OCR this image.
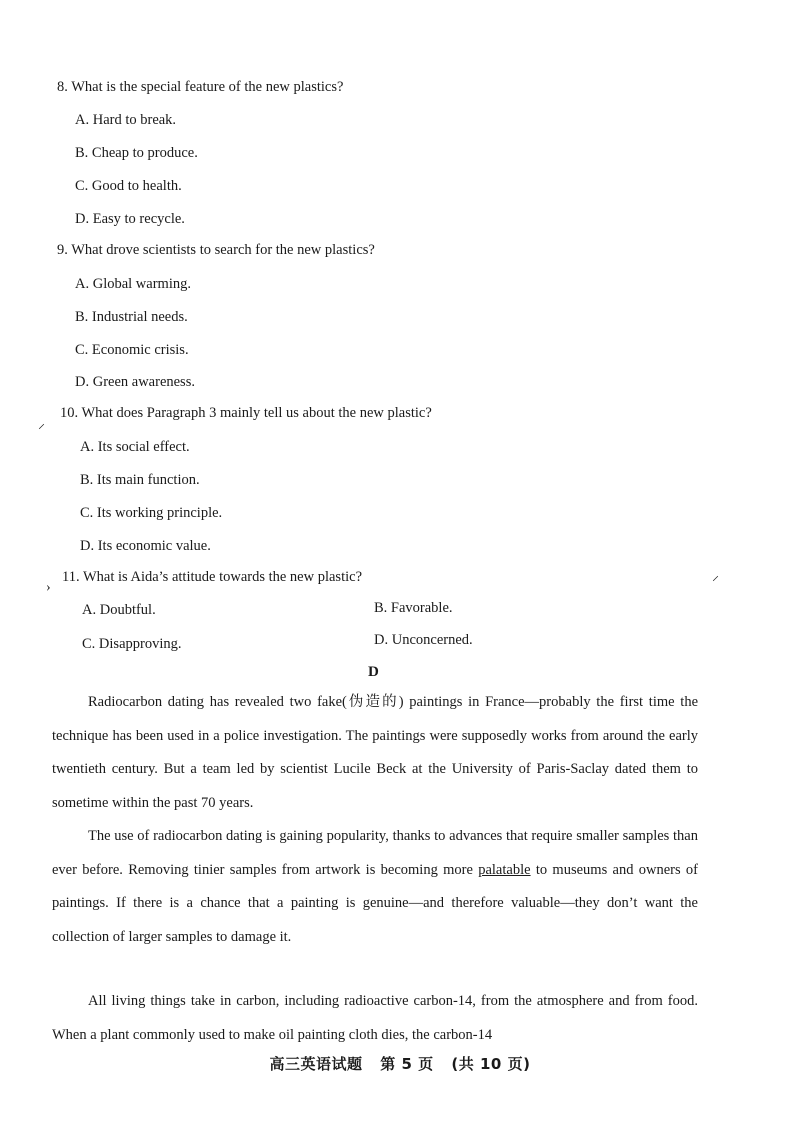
8. What is the special feature of the new plastics?
A. Hard to break.
B. Cheap to produce.
C. Good to health.
D. Easy to recycle.
9. What drove scientists to search for the new plastics?
A. Global warming.
B. Industrial needs.
C. Economic crisis.
D. Green awareness.
10. What does Paragraph 3 mainly tell us about the new plastic?
A. Its social effect.
B. Its main function.
C. Its working principle.
D. Its economic value.
11. What is Aida’s attitude towards the new plastic?
A. Doubtful.	B. Favorable.
C. Disapproving.	D. Unconcerned.
⸝
›
⸝
D
Radiocarbon dating has revealed two fake(伪造的) paintings in France—probably the first time the technique has been used in a police investigation. The paintings were supposedly works from around the early twentieth century. But a team led by scientist Lucile Beck at the University of Paris-Saclay dated them to sometime within the past 70 years.
The use of radiocarbon dating is gaining popularity, thanks to advances that require smaller samples than ever before. Removing tinier samples from artwork is becoming more palatable to museums and owners of paintings. If there is a chance that a painting is genuine—and therefore valuable—they don’t want the collection of larger samples to damage it.
All living things take in carbon, including radioactive carbon-14, from the atmosphere and from food. When a plant commonly used to make oil painting cloth dies, the carbon-14
高三英语试题 第 5 页 (共 10 页)
